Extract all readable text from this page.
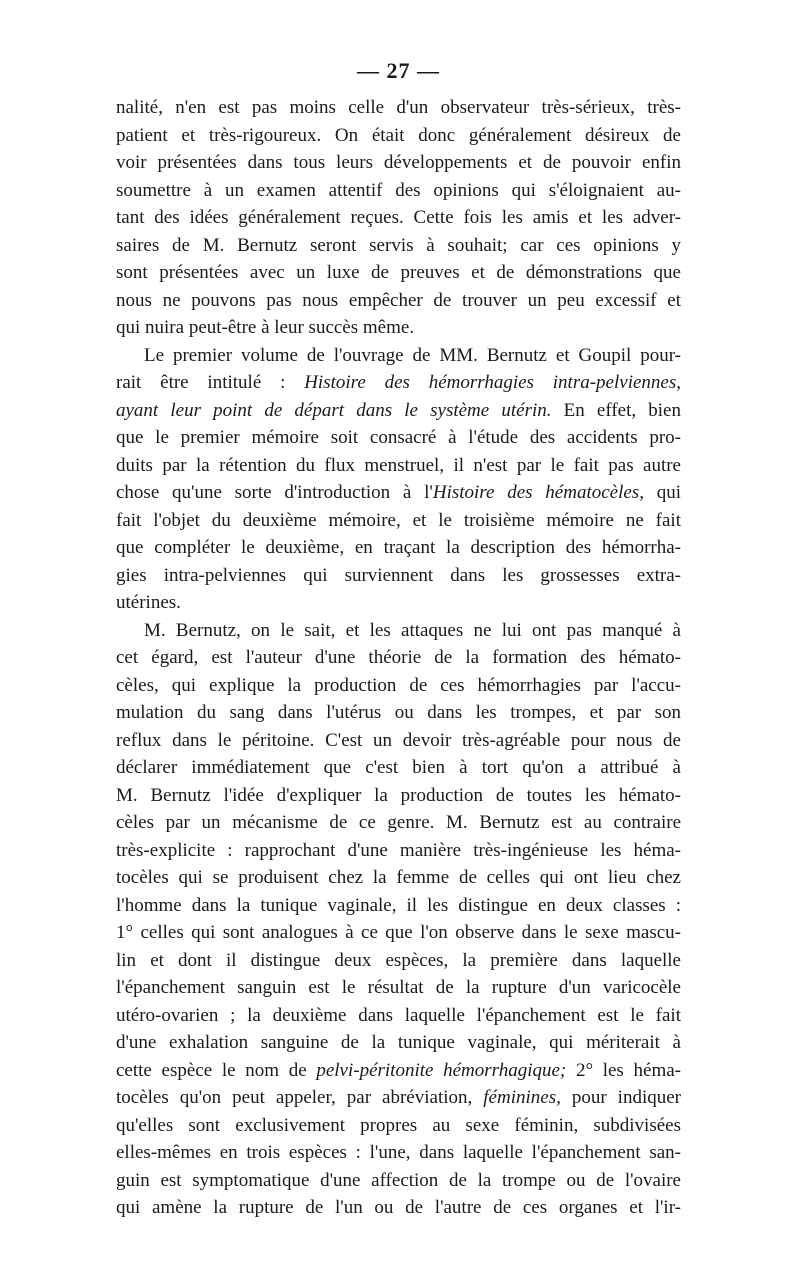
— 27 —
nalité, n'en est pas moins celle d'un observateur très-sérieux, très-
patient et très-rigoureux. On était donc généralement désireux de
voir présentées dans tous leurs développements et de pouvoir enfin
soumettre à un examen attentif des opinions qui s'éloignaient au-
tant des idées généralement reçues. Cette fois les amis et les adver-
saires de M. Bernutz seront servis à souhait; car ces opinions y
sont présentées avec un luxe de preuves et de démonstrations que
nous ne pouvons pas nous empêcher de trouver un peu excessif et
qui nuira peut-être à leur succès même.
Le premier volume de l'ouvrage de MM. Bernutz et Goupil pour-
rait être intitulé : Histoire des hémorrhagies intra-pelviennes,
ayant leur point de départ dans le système utérin. En effet, bien
que le premier mémoire soit consacré à l'étude des accidents pro-
duits par la rétention du flux menstruel, il n'est par le fait pas autre
chose qu'une sorte d'introduction à l'Histoire des hématocèles, qui
fait l'objet du deuxième mémoire, et le troisième mémoire ne fait
que compléter le deuxième, en traçant la description des hémorrha-
gies intra-pelviennes qui surviennent dans les grossesses extra-
utérines.
M. Bernutz, on le sait, et les attaques ne lui ont pas manqué à
cet égard, est l'auteur d'une théorie de la formation des hémato-
cèles, qui explique la production de ces hémorrhagies par l'accu-
mulation du sang dans l'utérus ou dans les trompes, et par son
reflux dans le péritoine. C'est un devoir très-agréable pour nous de
déclarer immédiatement que c'est bien à tort qu'on a attribué à
M. Bernutz l'idée d'expliquer la production de toutes les hémato-
cèles par un mécanisme de ce genre. M. Bernutz est au contraire
très-explicite : rapprochant d'une manière très-ingénieuse les héma-
tocèles qui se produisent chez la femme de celles qui ont lieu chez
l'homme dans la tunique vaginale, il les distingue en deux classes :
1° celles qui sont analogues à ce que l'on observe dans le sexe mascu-
lin et dont il distingue deux espèces, la première dans laquelle
l'épanchement sanguin est le résultat de la rupture d'un varicocèle
utéro-ovarien ; la deuxième dans laquelle l'épanchement est le fait
d'une exhalation sanguine de la tunique vaginale, qui mériterait à
cette espèce le nom de pelvi-péritonite hémorrhagique; 2° les héma-
tocèles qu'on peut appeler, par abréviation, féminines, pour indiquer
qu'elles sont exclusivement propres au sexe féminin, subdivisées
elles-mêmes en trois espèces : l'une, dans laquelle l'épanchement san-
guin est symptomatique d'une affection de la trompe ou de l'ovaire
qui amène la rupture de l'un ou de l'autre de ces organes et l'ir-
